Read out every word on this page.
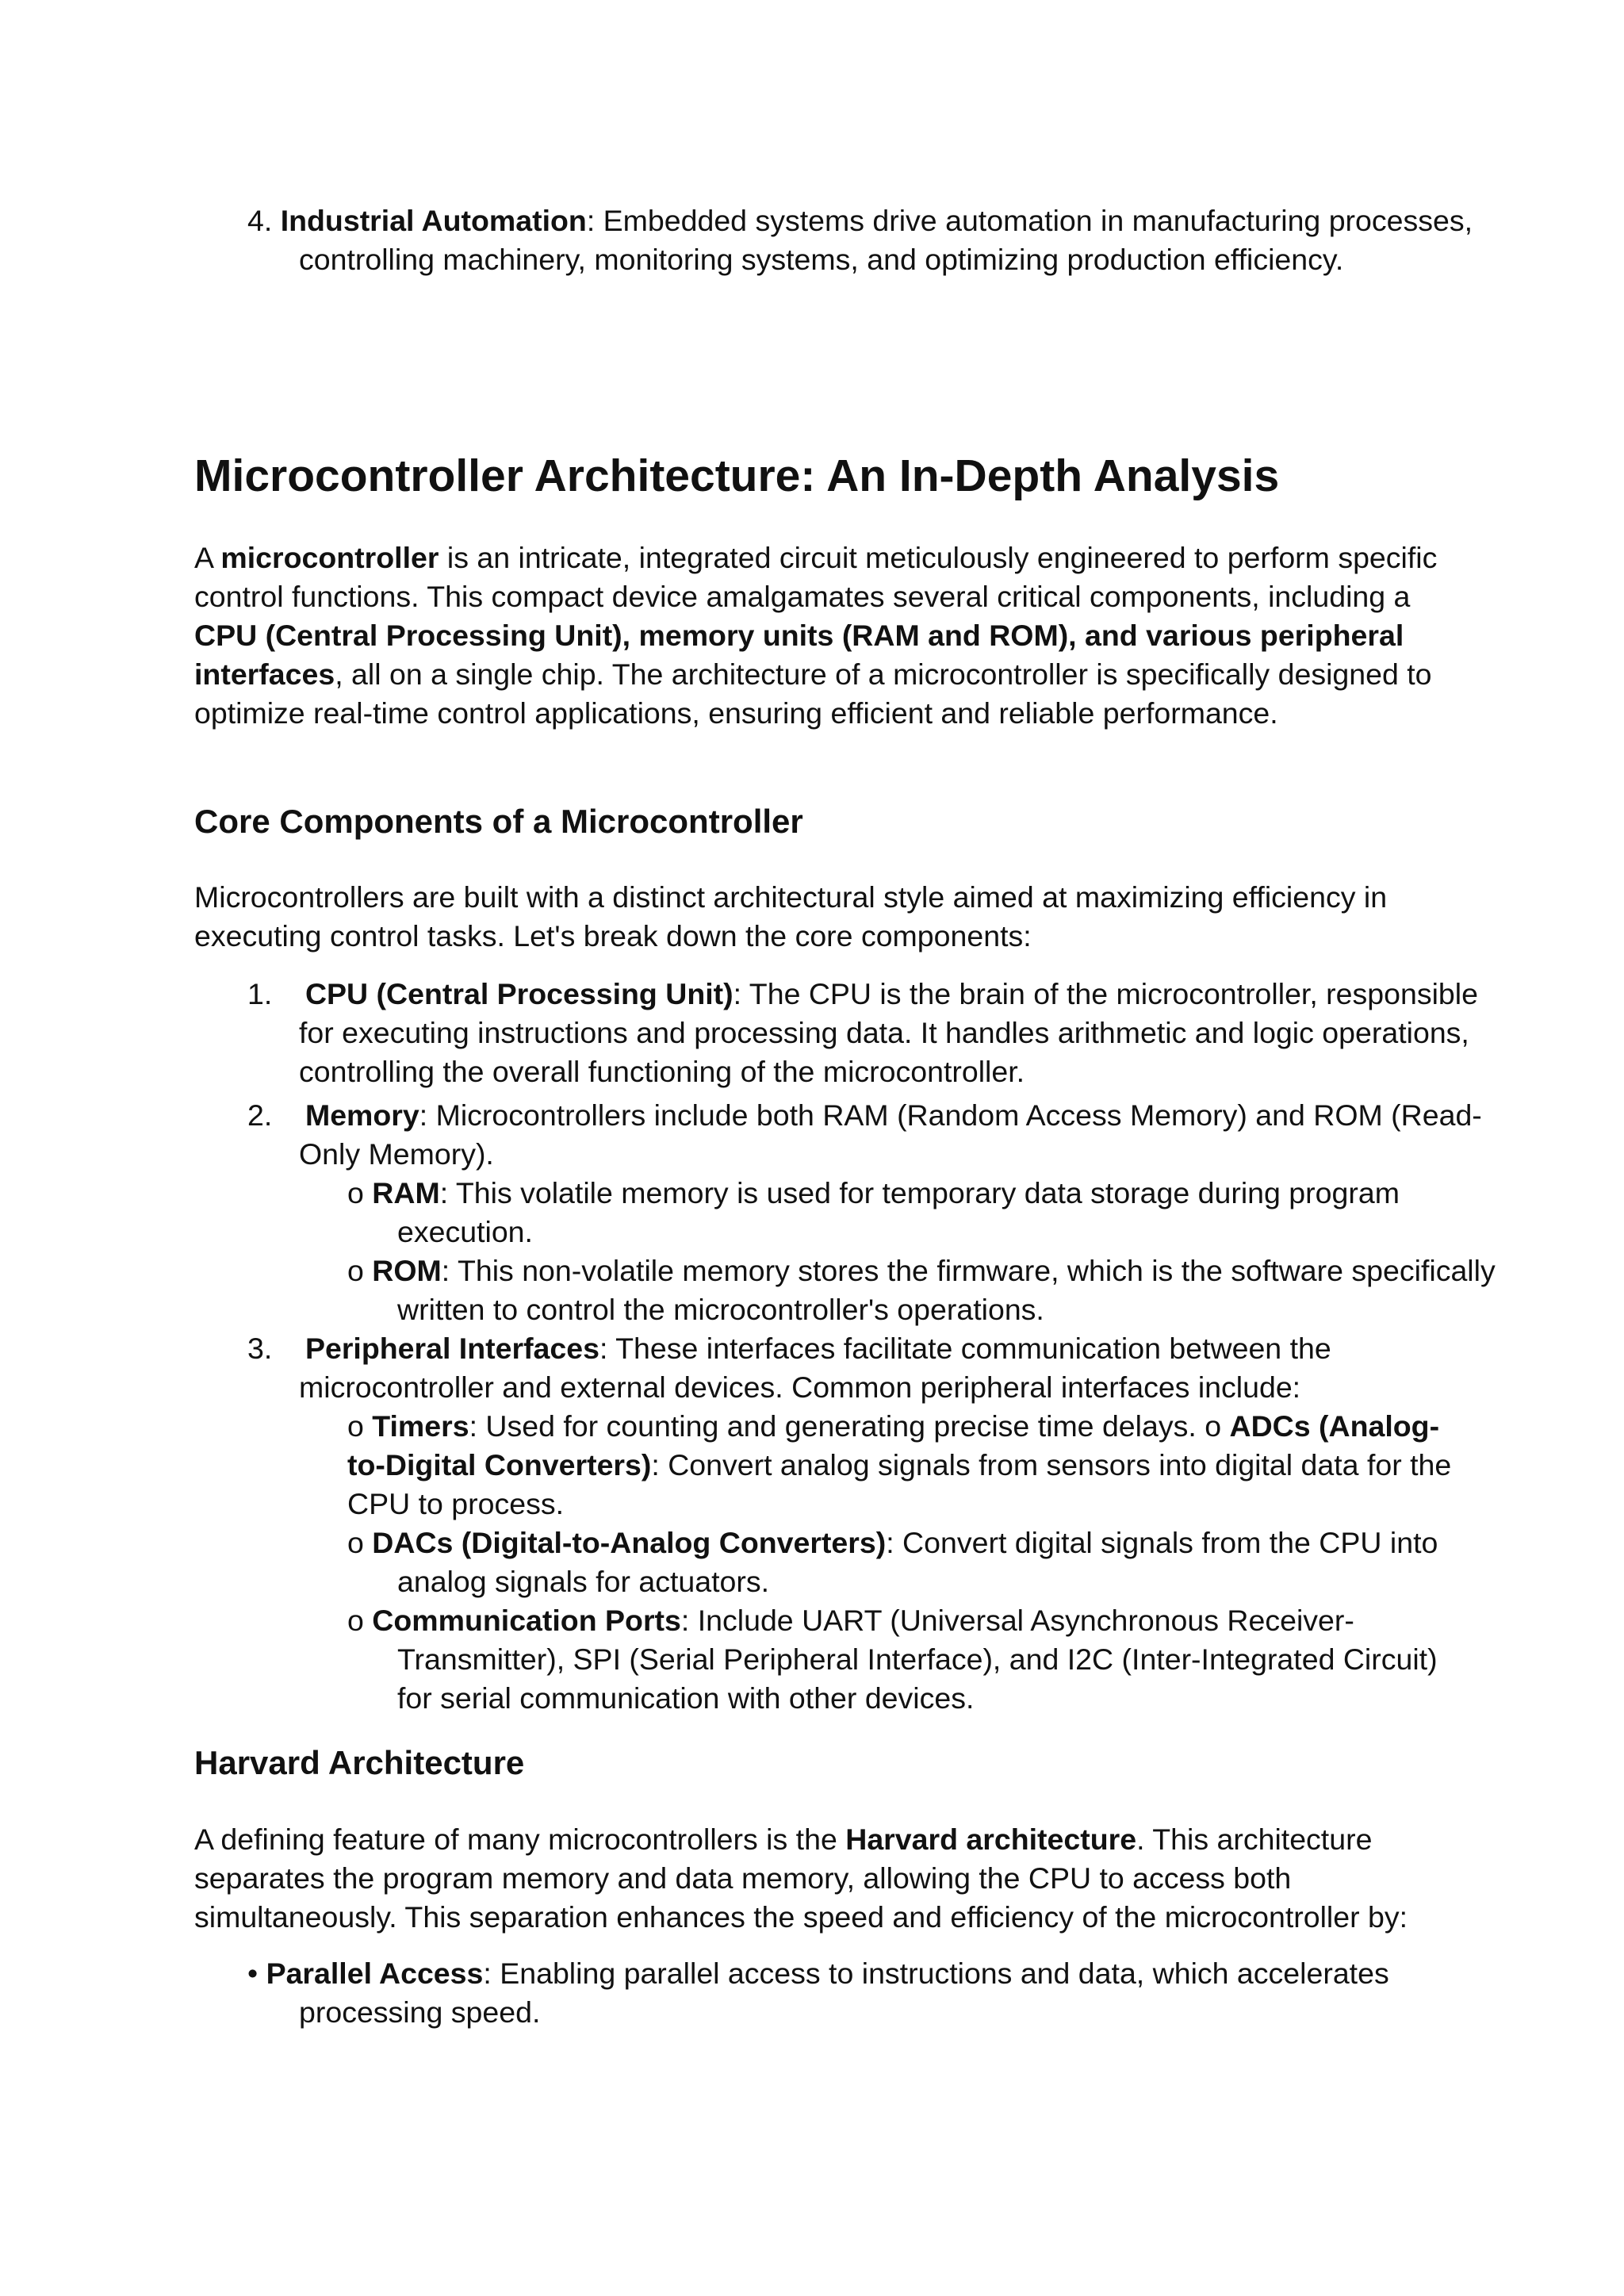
4. Industrial Automation: Embedded systems drive automation in manufacturing processes, controlling machinery, monitoring systems, and optimizing production efficiency.

Microcontroller Architecture: An In-Depth Analysis

A microcontroller is an intricate, integrated circuit meticulously engineered to perform specific control functions. This compact device amalgamates several critical components, including a CPU (Central Processing Unit), memory units (RAM and ROM), and various peripheral interfaces, all on a single chip. The architecture of a microcontroller is specifically designed to optimize real-time control applications, ensuring efficient and reliable performance.

Core Components of a Microcontroller

Microcontrollers are built with a distinct architectural style aimed at maximizing efficiency in executing control tasks. Let's break down the core components:

1. CPU (Central Processing Unit): The CPU is the brain of the microcontroller, responsible for executing instructions and processing data. It handles arithmetic and logic operations, controlling the overall functioning of the microcontroller.

2. Memory: Microcontrollers include both RAM (Random Access Memory) and ROM (Read-Only Memory).

o RAM: This volatile memory is used for temporary data storage during program execution.

o ROM: This non-volatile memory stores the firmware, which is the software specifically written to control the microcontroller's operations.

3. Peripheral Interfaces: These interfaces facilitate communication between the microcontroller and external devices. Common peripheral interfaces include:

o Timers: Used for counting and generating precise time delays. o ADCs (Analog-to-Digital Converters): Convert analog signals from sensors into digital data for the CPU to process.

o DACs (Digital-to-Analog Converters): Convert digital signals from the CPU into analog signals for actuators.

o Communication Ports: Include UART (Universal Asynchronous Receiver-Transmitter), SPI (Serial Peripheral Interface), and I2C (Inter-Integrated Circuit) for serial communication with other devices.

Harvard Architecture

A defining feature of many microcontrollers is the Harvard architecture. This architecture separates the program memory and data memory, allowing the CPU to access both simultaneously. This separation enhances the speed and efficiency of the microcontroller by:

• Parallel Access: Enabling parallel access to instructions and data, which accelerates processing speed.
